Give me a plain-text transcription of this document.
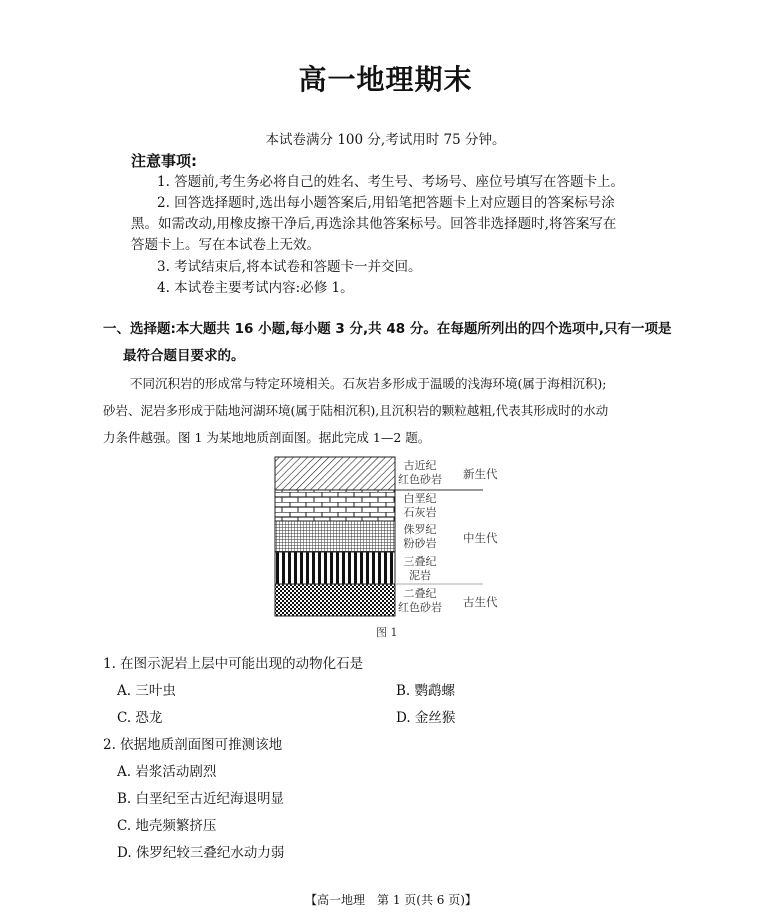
高一地理期末
本试卷满分 100 分,考试用时 75 分钟。
注意事项:
1. 答题前,考生务必将自己的姓名、考生号、考场号、座位号填写在答题卡上。
2. 回答选择题时,选出每小题答案后,用铅笔把答题卡上对应题目的答案标号涂
黑。如需改动,用橡皮擦干净后,再选涂其他答案标号。回答非选择题时,将答案写在
答题卡上。写在本试卷上无效。
3. 考试结束后,将本试卷和答题卡一并交回。
4. 本试卷主要考试内容:必修 1。
一、选择题:本大题共 16 小题,每小题 3 分,共 48 分。在每题所列出的四个选项中,只有一项是
最符合题目要求的。
不同沉积岩的形成常与特定环境相关。石灰岩多形成于温暖的浅海环境(属于海相沉积);
砂岩、泥岩多形成于陆地河湖环境(属于陆相沉积),且沉积岩的颗粒越粗,代表其形成时的水动
力条件越强。图 1 为某地地质剖面图。据此完成 1—2 题。
古近纪
红色砂岩
白垩纪
石灰岩
侏罗纪
粉砂岩
三叠纪
泥岩
二叠纪
红色砂岩
新生代
中生代
古生代
图 1
1. 在图示泥岩上层中可能出现的动物化石是
A. 三叶虫	B. 鹦鹉螺
C. 恐龙	D. 金丝猴
2. 依据地质剖面图可推测该地
A. 岩浆活动剧烈
B. 白垩纪至古近纪海退明显
C. 地壳频繁挤压
D. 侏罗纪较三叠纪水动力弱
【高一地理　第 1 页(共 6 页)】
